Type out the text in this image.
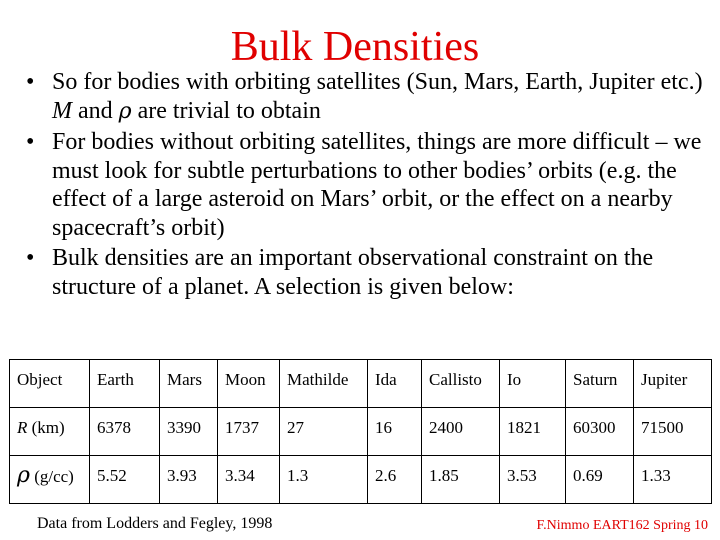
Bulk Densities
• So for bodies with orbiting satellites (Sun, Mars, Earth, Jupiter etc.) M and ρ are trivial to obtain
• For bodies without orbiting satellites, things are more difficult – we must look for subtle perturbations to other bodies’ orbits (e.g. the effect of a large asteroid on Mars’ orbit, or the effect on a nearby spacecraft’s orbit)
• Bulk densities are an important observational constraint on the structure of a planet. A selection is given below:
Object	Earth	Mars	Moon	Mathilde	Ida	Callisto	Io	Saturn	Jupiter
R (km)	6378	3390	1737	27	16	2400	1821	60300	71500
ρ (g/cc)	5.52	3.93	3.34	1.3	2.6	1.85	3.53	0.69	1.33
Data from Lodders and Fegley, 1998	F.Nimmo EART162 Spring 10
